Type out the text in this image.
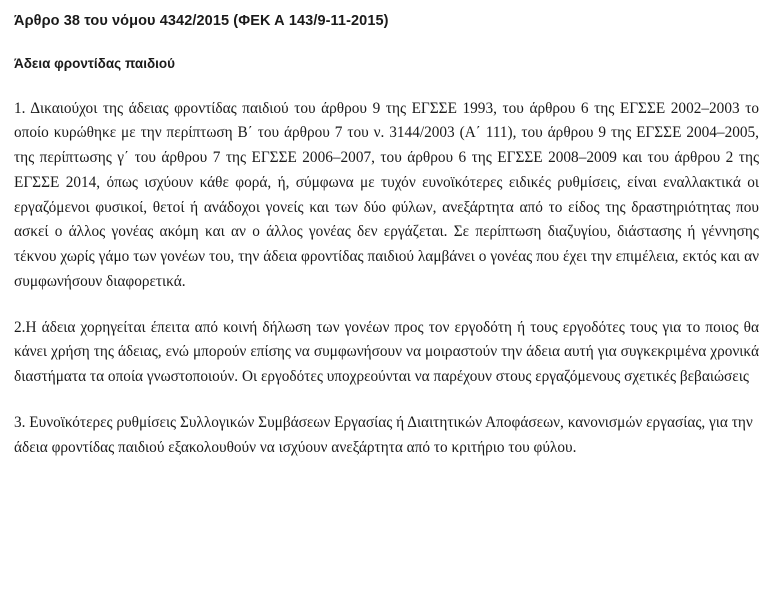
Άρθρο 38 του νόμου 4342/2015 (ΦΕΚ Α 143/9-11-2015)
Άδεια φροντίδας παιδιού

1. Δικαιούχοι της άδειας φροντίδας παιδιού του άρθρου 9 της ΕΓΣΣΕ 1993, του άρθρου 6 της ΕΓΣΣΕ 2002–2003 το οποίο κυρώθηκε με την περίπτωση Β΄ του άρθρου 7 του ν. 3144/2003 (Α΄ 111), του άρθρου 9 της ΕΓΣΣΕ 2004–2005, της περίπτωσης γ΄ του άρθρου 7 της ΕΓΣΣΕ 2006–2007, του άρθρου 6 της ΕΓΣΣΕ 2008–2009 και του άρθρου 2 της ΕΓΣΣΕ 2014, όπως ισχύουν κάθε φορά, ή, σύμφωνα με τυχόν ευνοϊκότερες ειδικές ρυθμίσεις, είναι εναλλακτικά οι εργαζόμενοι φυσικοί, θετοί ή ανάδοχοι γονείς και των δύο φύλων, ανεξάρτητα από το είδος της δραστηριότητας που ασκεί ο άλλος γονέας ακόμη και αν ο άλλος γονέας δεν εργάζεται. Σε περίπτωση διαζυγίου, διάστασης ή γέννησης τέκνου χωρίς γάμο των γονέων του, την άδεια φροντίδας παιδιού λαμβάνει ο γονέας που έχει την επιμέλεια, εκτός και αν συμφωνήσουν διαφορετικά.

2.Η άδεια χορηγείται έπειτα από κοινή δήλωση των γονέων προς τον εργοδότη ή τους εργοδότες τους για το ποιος θα κάνει χρήση της άδειας, ενώ μπορούν επίσης να συμφωνήσουν να μοιραστούν την άδεια αυτή για συγκεκριμένα χρονικά διαστήματα τα οποία γνωστοποιούν. Οι εργοδότες υποχρεούνται να παρέχουν στους εργαζόμενους σχετικές βεβαιώσεις

3. Ευνοϊκότερες ρυθμίσεις Συλλογικών Συμβάσεων Εργασίας ή Διαιτητικών Αποφάσεων, κανονισμών εργασίας, για την άδεια φροντίδας παιδιού εξακολουθούν να ισχύουν ανεξάρτητα από το κριτήριο του φύλου.
